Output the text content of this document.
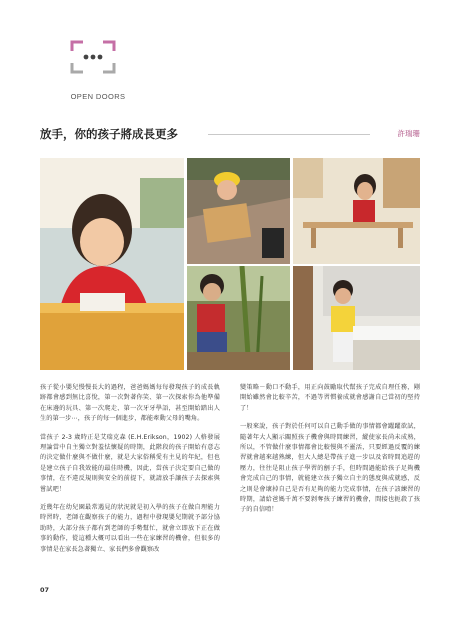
OPEN DOORS
放手，你的孩子將成長更多	許瑞珊

孩子從小嬰兒慢慢長大的過程，爸爸媽媽每每發現孩子的成長軌跡都會感到無比喜悅，第一次對著你笑、第一次探索你為他準備在床邊的玩具、第一次爬走、第一次牙牙學語，甚至開始踏出人生的第一步⋯，孩子的每一個進步，都能牽動父母的嘴角。

當孩子 2-3 歲時正是艾瑞克森 (E.H.Erikson，1902) 人格發展理論當中自主獨立對羞怯懷疑的時期，此階段的孩子開始有意志的決定做什麼與不做什麼，就是大家俗稱愛有主見的年紀，但也是建立孩子自我效能的最佳時機，因此，當孩子決定要自己做的事情，在不違反規則與安全的前提下，就請放手讓孩子去探索與嘗試吧！

近幾年在幼兒園最常遇見的狀況就是初入學的孩子在做自理能力時習時，老師在觀察孩子的能力，過程中發現嬰兒期就予部分協助時，大部分孩子都有到老師的手勢幫忙，就會立即放下正在做事的動作，從這種大概可以看出一些在家練習的機會，但很多的事情是在家長急著獨立、家長們多會觀察改

變策略－動口不動手，用正向鼓勵取代幫孩子完成自理任務，剛開始雖然會比較辛苦，不過等習慣養成就會感謝自己當初的堅持了！

一般來說，孩子對於任何可以自己動手做的事情都會躍躍欲試，隨著年大人顯示關照孩子機會與時間練習，縱使家長尚未成熟，所以，不管做什麼事情都會比較慢與不靈活，只要經過反覆的練習就會越來越熟練，但大人總是帶孩子進一步以及省時間追趕的壓力，往往是阻止孩子學習的劊子手，但時間過能給孩子足夠機會完成自己的事情，就能建立孩子獨立自主的態度與成就感，反之則是會壞掉自己是否有足夠的能力完成事情，在孩子該練習的時期，請給爸媽千萬不要剝奪孩子練習的機會，間接也扼殺了孩子的自信唷！

07
